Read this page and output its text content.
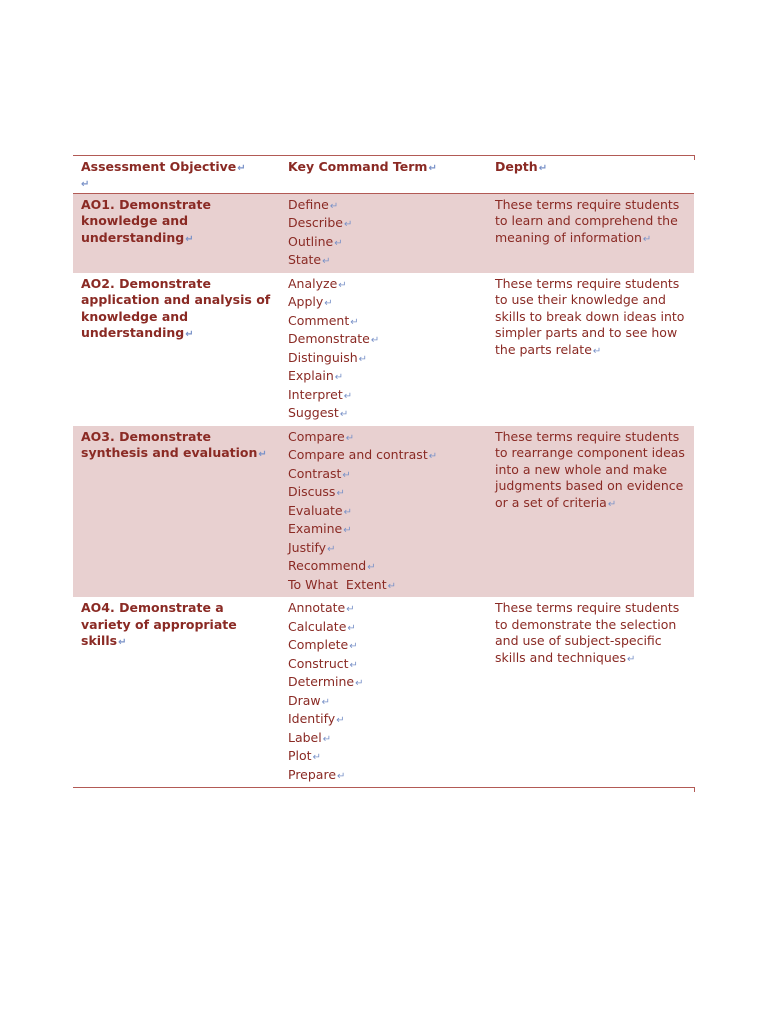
Assessment Objective↵
↵
Key Command Term↵	Depth↵
AO1. Demonstrate knowledge and understanding↵
Define↵
Describe↵
Outline↵
State↵
These terms require students to learn and comprehend the meaning of information↵
AO2. Demonstrate application and analysis of knowledge and understanding↵
Analyze↵
Apply↵
Comment↵
Demonstrate↵
Distinguish↵
Explain↵
Interpret↵
Suggest↵
These terms require students to use their knowledge and skills to break down ideas into simpler parts and to see how the parts relate↵
AO3. Demonstrate synthesis and evaluation↵
Compare↵
Compare and contrast↵
Contrast↵
Discuss↵
Evaluate↵
Examine↵
Justify↵
Recommend↵
To What  Extent↵
These terms require students to rearrange component ideas into a new whole and make judgments based on evidence or a set of criteria↵
AO4. Demonstrate a variety of appropriate skills↵
Annotate↵
Calculate↵
Complete↵
Construct↵
Determine↵
Draw↵
Identify↵
Label↵
Plot↵
Prepare↵
These terms require students to demonstrate the selection and use of subject-specific skills and techniques↵
